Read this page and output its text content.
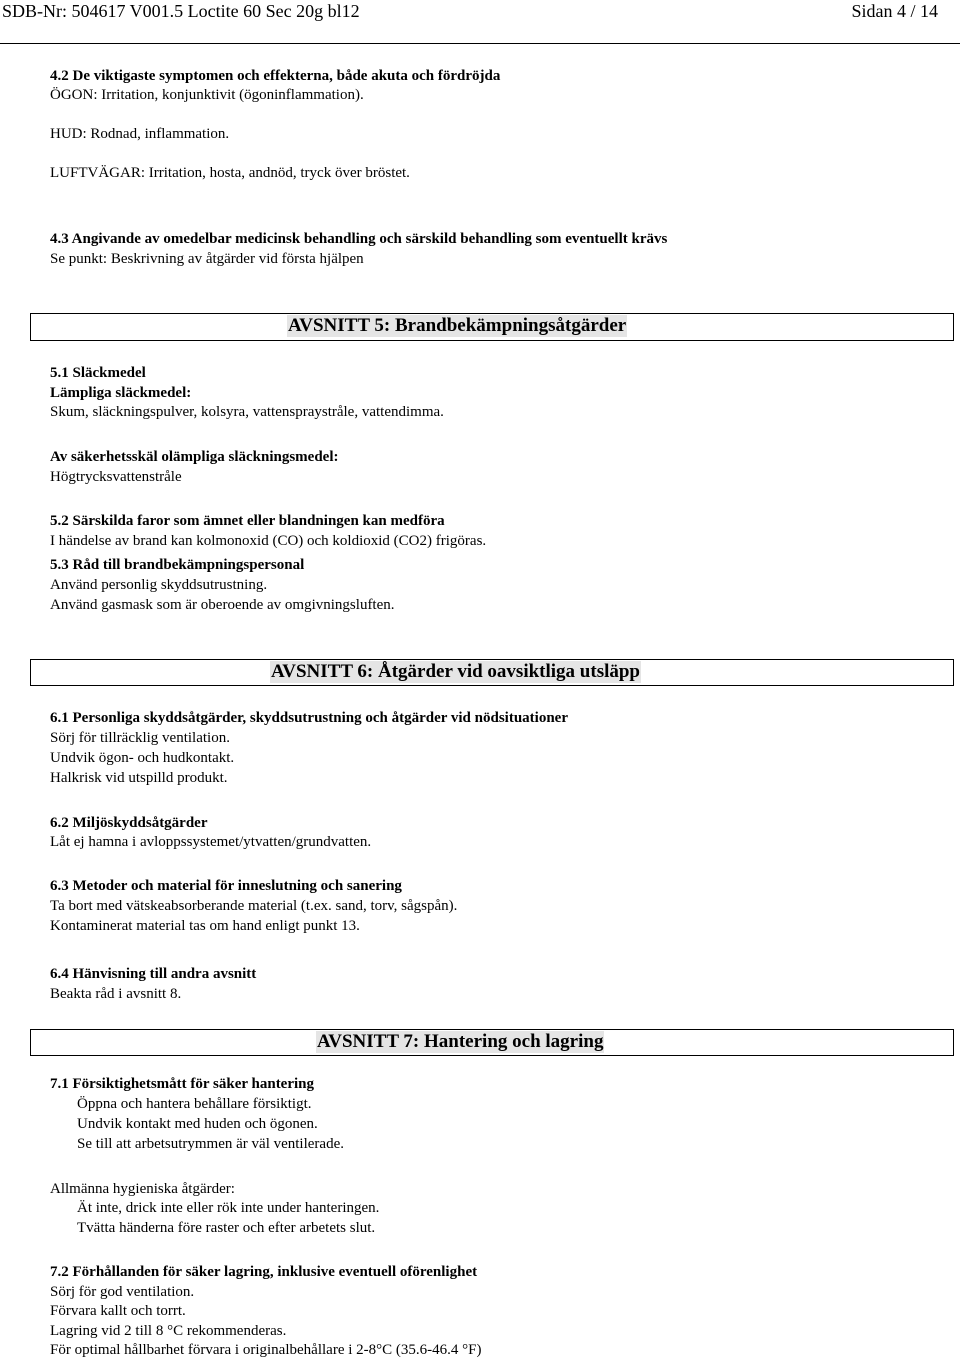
SDB-Nr: 504617 V001.5 Loctite 60 Sec 20g bl12	Sidan 4 / 14
4.2 De viktigaste symptomen och effekterna, både akuta och fördröjda
ÖGON: Irritation, konjunktivit (ögoninflammation).
HUD: Rodnad, inflammation.
LUFTVÄGAR: Irritation, hosta, andnöd, tryck över bröstet.
4.3 Angivande av omedelbar medicinsk behandling och särskild behandling som eventuellt krävs
Se punkt: Beskrivning av åtgärder vid första hjälpen
AVSNITT 5: Brandbekämpningsåtgärder
5.1 Släckmedel
Lämpliga släckmedel:
Skum, släckningspulver, kolsyra, vattenspraystråle, vattendimma.
Av säkerhetsskäl olämpliga släckningsmedel:
Högtrycksvattenstråle
5.2 Särskilda faror som ämnet eller blandningen kan medföra
I händelse av brand kan kolmonoxid (CO) och koldioxid (CO2) frigöras.
5.3 Råd till brandbekämpningspersonal
Använd personlig skyddsutrustning.
Använd gasmask som är oberoende av omgivningsluften.
AVSNITT 6: Åtgärder vid oavsiktliga utsläpp
6.1 Personliga skyddsåtgärder, skyddsutrustning och åtgärder vid nödsituationer
Sörj för tillräcklig ventilation.
Undvik ögon- och hudkontakt.
Halkrisk vid utspilld produkt.
6.2 Miljöskyddsåtgärder
Låt ej hamna i avloppssystemet/ytvatten/grundvatten.
6.3 Metoder och material för inneslutning och sanering
Ta bort med vätskeabsorberande material (t.ex. sand, torv, sågspån).
Kontaminerat material tas om hand enligt punkt 13.
6.4 Hänvisning till andra avsnitt
Beakta råd i avsnitt 8.
AVSNITT 7: Hantering och lagring
7.1 Försiktighetsmått för säker hantering
Öppna och hantera behållare försiktigt.
Undvik kontakt med huden och ögonen.
Se till att arbetsutrymmen är väl ventilerade.
Allmänna hygieniska åtgärder:
Ät inte, drick inte eller rök inte under hanteringen.
Tvätta händerna före raster och efter arbetets slut.
7.2 Förhållanden för säker lagring, inklusive eventuell oförenlighet
Sörj för god ventilation.
Förvara kallt och torrt.
Lagring vid 2 till 8 °C rekommenderas.
För optimal hållbarhet förvara i originalbehållare i 2-8°C (35.6-46.4 °F)
